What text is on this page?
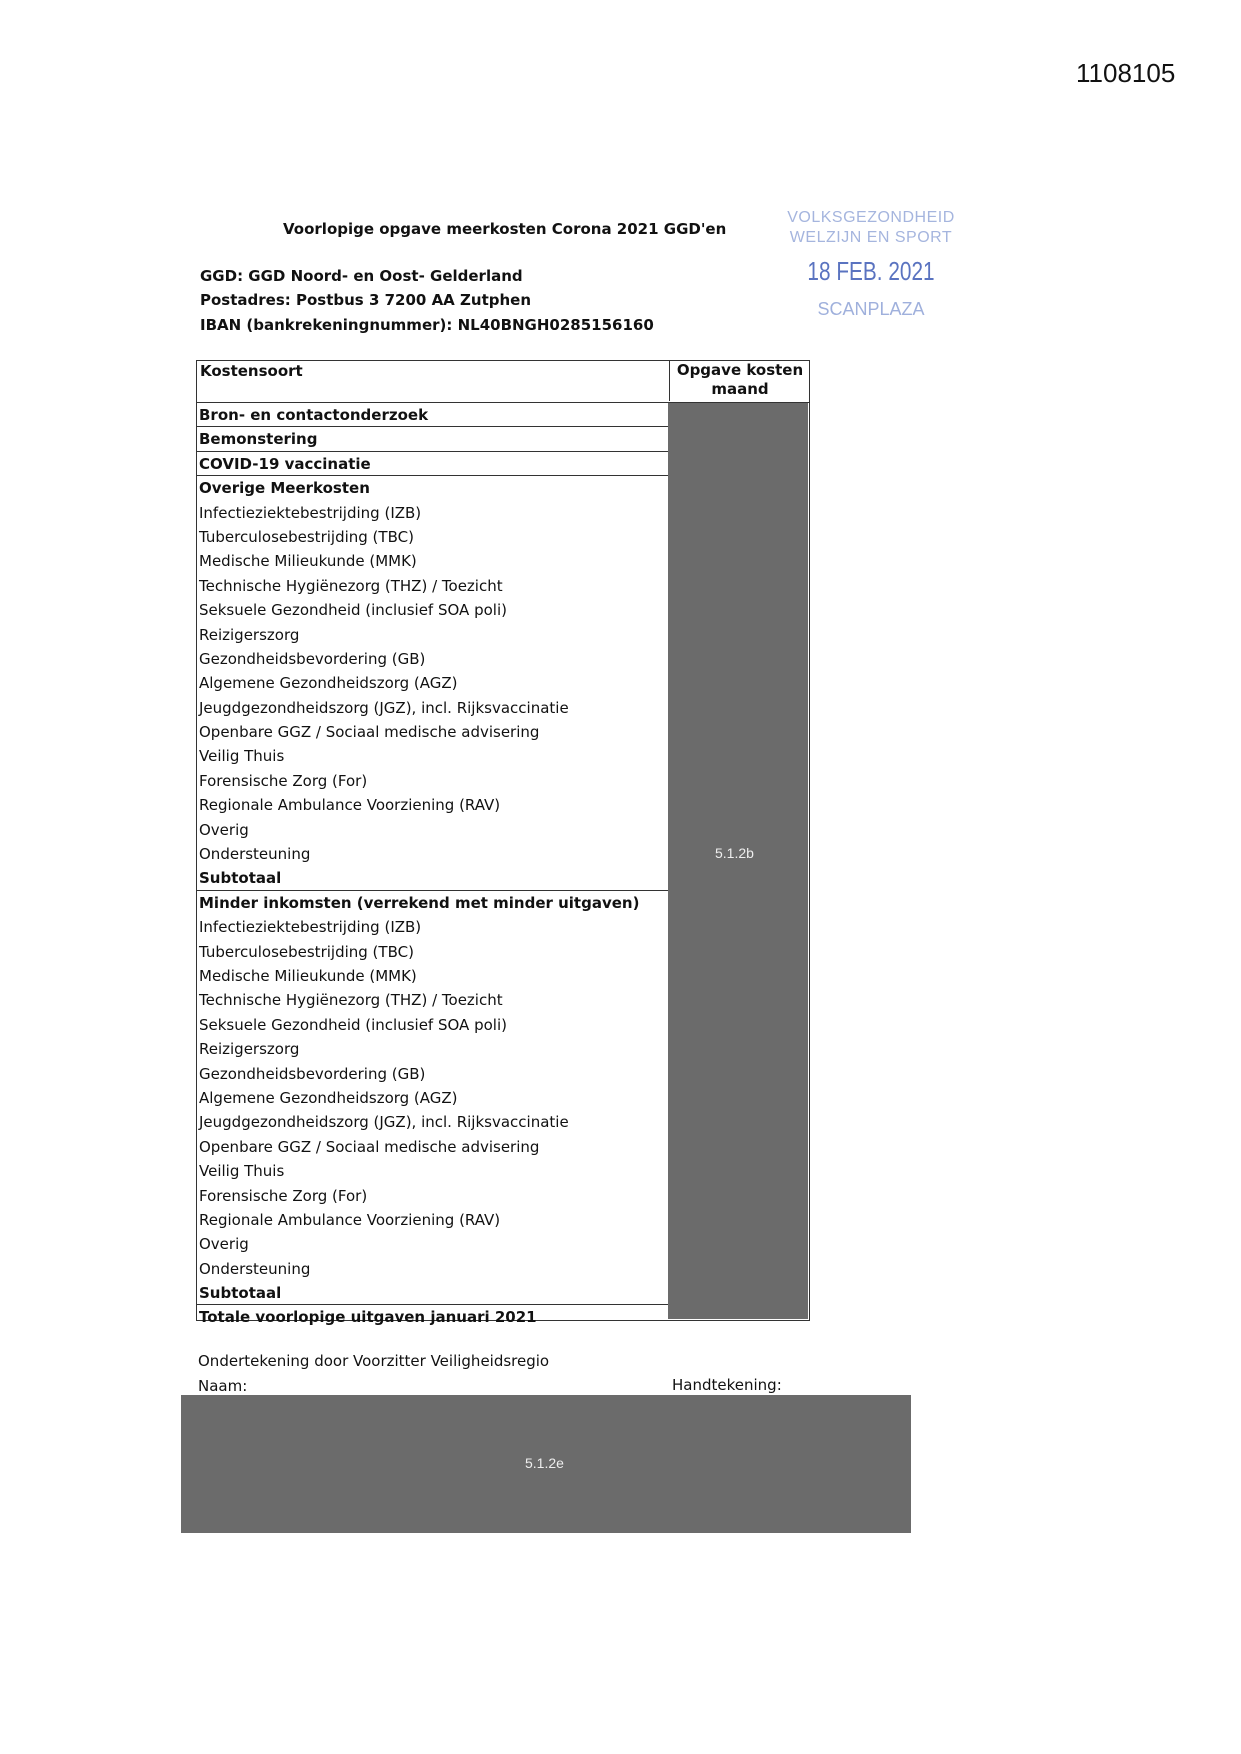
1108105
Voorlopige opgave meerkosten Corona 2021 GGD'en
GGD: GGD Noord- en Oost- Gelderland
Postadres: Postbus 3 7200 AA Zutphen
IBAN (bankrekeningnummer): NL40BNGH0285156160
VOLKSGEZONDHEID
WELZIJN EN SPORT
18 FEB. 2021
SCANPLAZA
Kostensoort	Opgave kosten
maand
Bron- en contactonderzoek
Bemonstering
COVID-19 vaccinatie
Overige Meerkosten
Infectieziektebestrijding (IZB)
Tuberculosebestrijding (TBC)
Medische Milieukunde (MMK)
Technische Hygiënezorg (THZ) / Toezicht
Seksuele Gezondheid (inclusief SOA poli)
Reizigerszorg
Gezondheidsbevordering (GB)
Algemene Gezondheidszorg (AGZ)
Jeugdgezondheidszorg (JGZ), incl. Rijksvaccinatie
Openbare GGZ / Sociaal medische advisering
Veilig Thuis
Forensische Zorg (For)
Regionale Ambulance Voorziening (RAV)
Overig
Ondersteuning
Subtotaal
Minder inkomsten (verrekend met minder uitgaven)
Infectieziektebestrijding (IZB)
Tuberculosebestrijding (TBC)
Medische Milieukunde (MMK)
Technische Hygiënezorg (THZ) / Toezicht
Seksuele Gezondheid (inclusief SOA poli)
Reizigerszorg
Gezondheidsbevordering (GB)
Algemene Gezondheidszorg (AGZ)
Jeugdgezondheidszorg (JGZ), incl. Rijksvaccinatie
Openbare GGZ / Sociaal medische advisering
Veilig Thuis
Forensische Zorg (For)
Regionale Ambulance Voorziening (RAV)
Overig
Ondersteuning
Subtotaal
Totale voorlopige uitgaven januari 2021
5.1.2b
Ondertekening door Voorzitter Veiligheidsregio
Naam:	Handtekening:
5.1.2e
